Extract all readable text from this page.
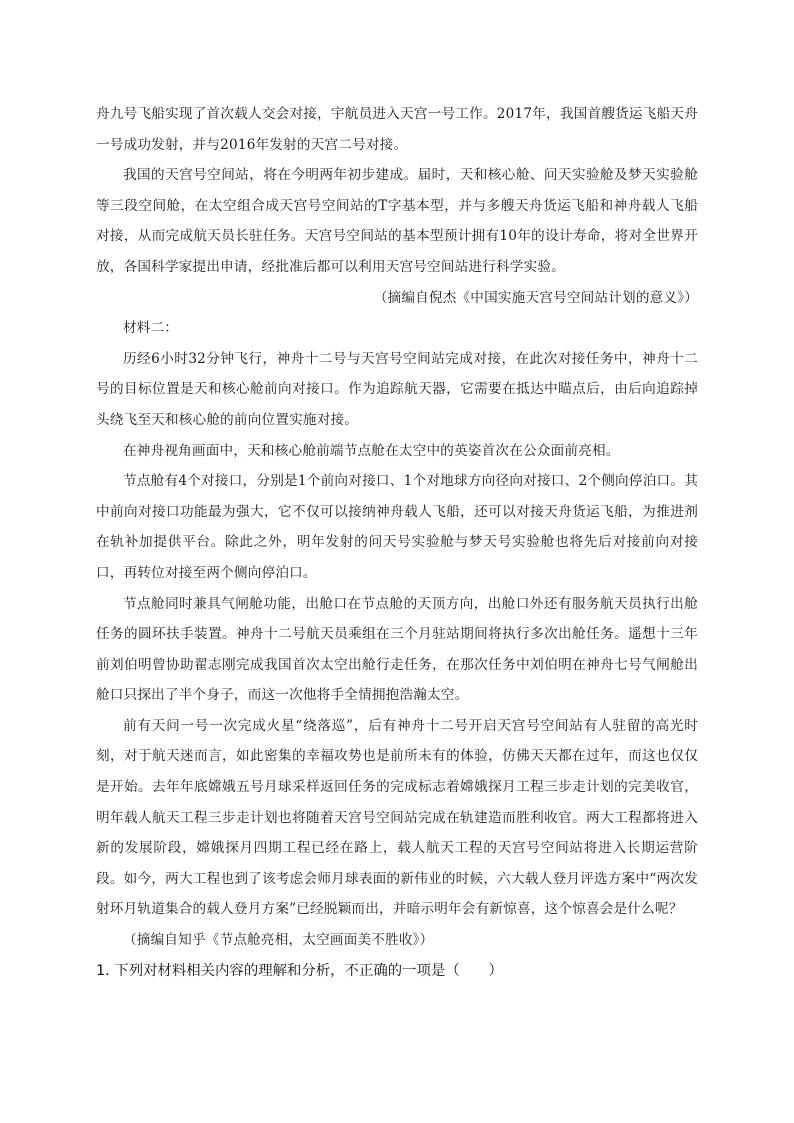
舟九号飞船实现了首次载人交会对接，宇航员进入天宫一号工作。2017年，我国首艘货运飞船天舟一号成功发射，并与2016年发射的天宫二号对接。

我国的天宫号空间站，将在今明两年初步建成。届时，天和核心舱、问天实验舱及梦天实验舱等三段空间舱，在太空组合成天宫号空间站的T字基本型，并与多艘天舟货运飞船和神舟载人飞船对接，从而完成航天员长驻任务。天宫号空间站的基本型预计拥有10年的设计寿命，将对全世界开放，各国科学家提出申请，经批准后都可以利用天宫号空间站进行科学实验。

（摘编自倪杰《中国实施天宫号空间站计划的意义》）

材料二：

历经6小时32分钟飞行，神舟十二号与天宫号空间站完成对接，在此次对接任务中，神舟十二号的目标位置是天和核心舱前向对接口。作为追踪航天器，它需要在抵达中瞄点后，由后向追踪掉头绕飞至天和核心舱的前向位置实施对接。

在神舟视角画面中，天和核心舱前端节点舱在太空中的英姿首次在公众面前亮相。

节点舱有4个对接口，分别是1个前向对接口、1个对地球方向径向对接口、2个侧向停泊口。其中前向对接口功能最为强大，它不仅可以接纳神舟载人飞船，还可以对接天舟货运飞船，为推进剂在轨补加提供平台。除此之外，明年发射的问天号实验舱与梦天号实验舱也将先后对接前向对接口，再转位对接至两个侧向停泊口。

节点舱同时兼具气闸舱功能，出舱口在节点舱的天顶方向，出舱口外还有服务航天员执行出舱任务的圆环扶手装置。神舟十二号航天员乘组在三个月驻站期间将执行多次出舱任务。遥想十三年前刘伯明曾协助翟志刚完成我国首次太空出舱行走任务，在那次任务中刘伯明在神舟七号气闸舱出舱口只探出了半个身子，而这一次他将手全情拥抱浩瀚太空。

前有天问一号一次完成火星“绕落巡”，后有神舟十二号开启天宫号空间站有人驻留的高光时刻，对于航天迷而言，如此密集的幸福攻势也是前所未有的体验，仿佛天天都在过年，而这也仅仅是开始。去年年底嫦娥五号月球采样返回任务的完成标志着嫦娥探月工程三步走计划的完美收官，明年载人航天工程三步走计划也将随着天宫号空间站完成在轨建造而胜利收官。两大工程都将进入新的发展阶段，嫦娥探月四期工程已经在路上，载人航天工程的天宫号空间站将进入长期运营阶段。如今，两大工程也到了该考虑会师月球表面的新伟业的时候，六大载人登月评选方案中“两次发射环月轨道集合的载人登月方案”已经脱颖而出，并暗示明年会有新惊喜，这个惊喜会是什么呢？

（摘编自知乎《节点舱亮相，太空画面美不胜收》）

1. 下列对材料相关内容的理解和分析，不正确的一项是（　　）
